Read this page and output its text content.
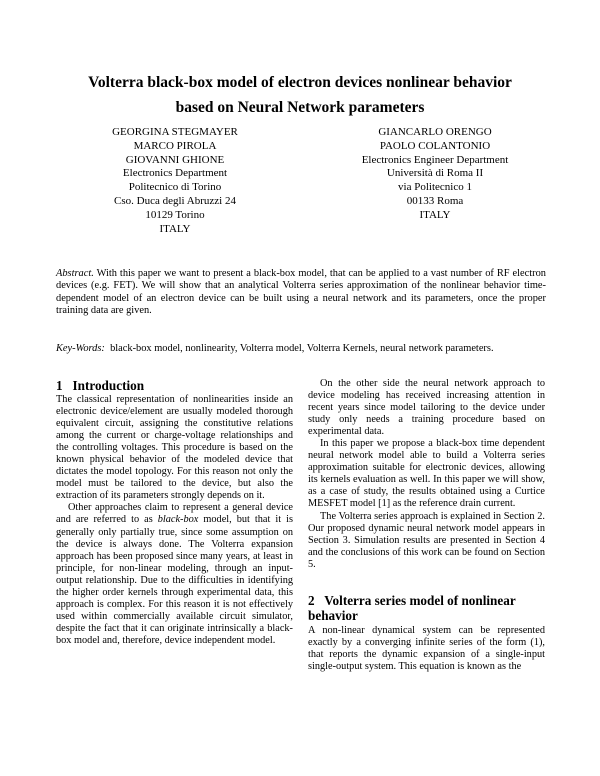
Volterra black-box model of electron devices nonlinear behavior
based on Neural Network parameters
GEORGINA STEGMAYER
MARCO PIROLA
GIOVANNI GHIONE
Electronics Department
Politecnico di Torino
Cso. Duca degli Abruzzi 24
10129 Torino
ITALY
GIANCARLO ORENGO
PAOLO COLANTONIO
Electronics Engineer Department
Università di Roma II
via Politecnico 1
00133 Roma
ITALY
Abstract. With this paper we want to present a black-box model, that can be applied to a vast number of RF electron devices (e.g. FET). We will show that an analytical Volterra series approximation of the nonlinear behavior time-dependent model of an electron device can be built using a neural network and its parameters, once the proper training data are given.
Key-Words:  black-box model, nonlinearity, Volterra model, Volterra Kernels, neural network parameters.
1   Introduction

The classical representation of nonlinearities inside an electronic device/element are usually modeled thorough equivalent circuit, assigning the constitutive relations among the current or charge-voltage relationships and the controlling voltages. This procedure is based on the known physical behavior of the modeled device that dictates the model topology. For this reason not only the model must be tailored to the device, but also the extraction of its parameters strongly depends on it.

Other approaches claim to represent a general device and are referred to as black-box model, but that it is generally only partially true, since some assumption on the device is always done. The Volterra expansion approach has been proposed since many years, at least in principle, for non-linear modeling, through an input-output relationship. Due to the difficulties in identifying the higher order kernels through experimental data, this approach is complex. For this reason it is not effectively used within commercially available circuit simulator, despite the fact that it can originate intrinsically a black-box model and, therefore, device independent model.

On the other side the neural network approach to device modeling has received increasing attention in recent years since model tailoring to the device under study only needs a training procedure based on experimental data.

In this paper we propose a black-box time dependent neural network model able to build a Volterra series approximation suitable for electronic devices, allowing its kernels evaluation as well. In this paper we will show, as a case of study, the results obtained using a Curtice MESFET model [1] as the reference drain current.

The Volterra series approach is explained in Section 2. Our proposed dynamic neural network model appears in Section 3. Simulation results are presented in Section 4 and the conclusions of this work can be found on Section 5.

2   Volterra series model of nonlinear behavior

A non-linear dynamical system can be represented exactly by a converging infinite series of the form (1), that reports the dynamic expansion of a single-input single-output system. This equation is known as the
